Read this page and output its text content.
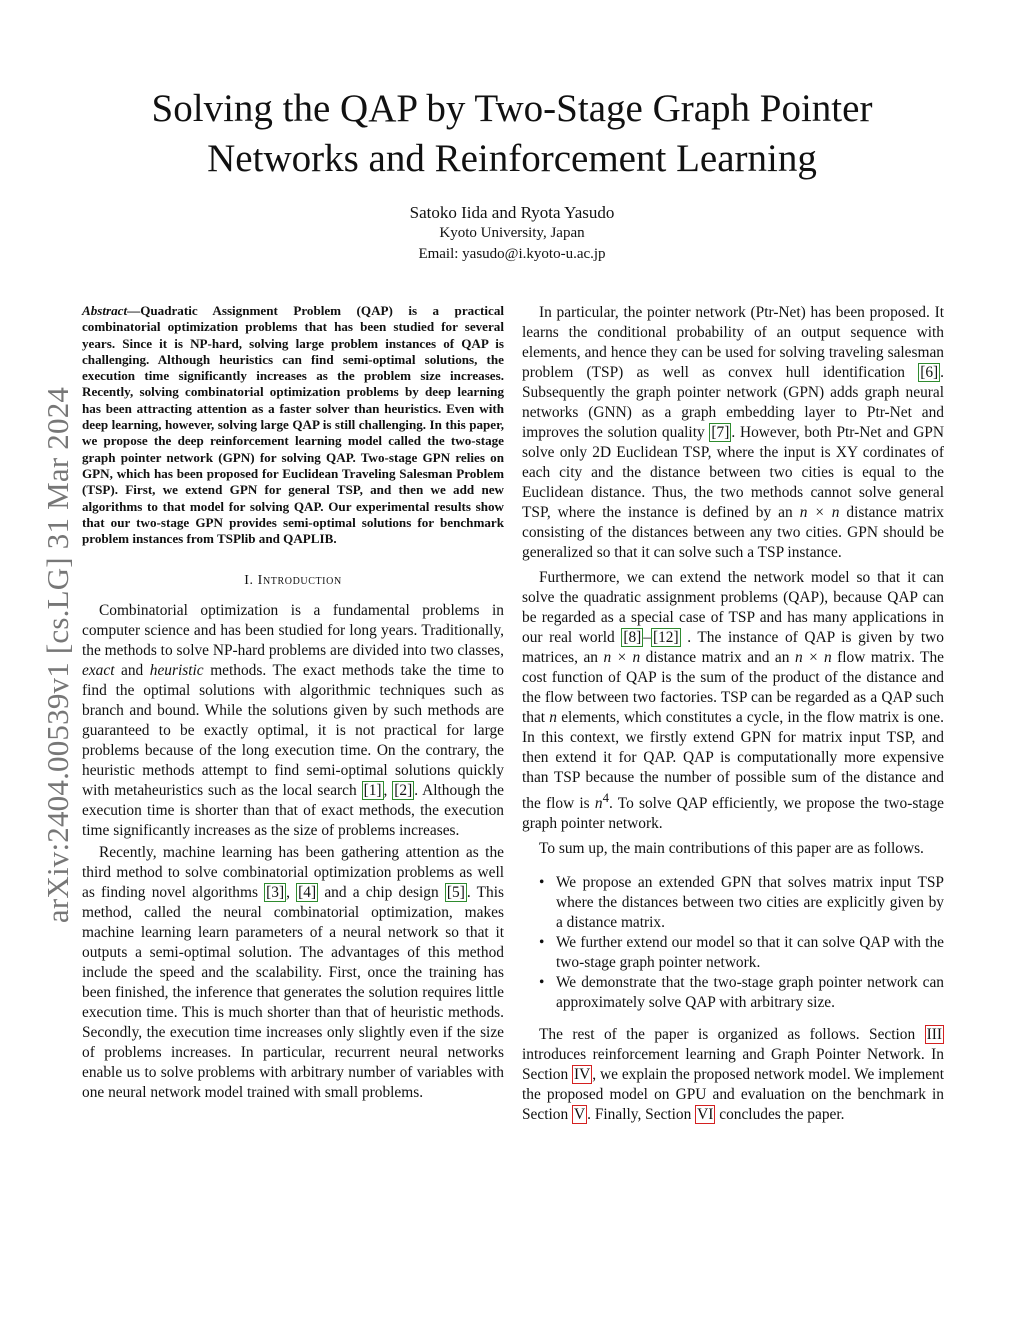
arXiv:2404.00539v1 [cs.LG] 31 Mar 2024
Solving the QAP by Two-Stage Graph Pointer
Networks and Reinforcement Learning
Satoko Iida and Ryota Yasudo
Kyoto University, Japan
Email: yasudo@i.kyoto-u.ac.jp

Abstract—Quadratic Assignment Problem (QAP) is a practical combinatorial optimization problems that has been studied for several years. Since it is NP-hard, solving large problem instances of QAP is challenging. Although heuristics can find semi-optimal solutions, the execution time significantly increases as the problem size increases. Recently, solving combinatorial optimization problems by deep learning has been attracting attention as a faster solver than heuristics. Even with deep learning, however, solving large QAP is still challenging. In this paper, we propose the deep reinforcement learning model called the two-stage graph pointer network (GPN) for solving QAP. Two-stage GPN relies on GPN, which has been proposed for Euclidean Traveling Salesman Problem (TSP). First, we extend GPN for general TSP, and then we add new algorithms to that model for solving QAP. Our experimental results show that our two-stage GPN provides semi-optimal solutions for benchmark problem instances from TSPlib and QAPLIB.

I. Introduction

Combinatorial optimization is a fundamental problems in computer science and has been studied for long years. Traditionally, the methods to solve NP-hard problems are divided into two classes, exact and heuristic methods. The exact methods take the time to find the optimal solutions with algorithmic techniques such as branch and bound. While the solutions given by such methods are guaranteed to be exactly optimal, it is not practical for large problems because of the long execution time. On the contrary, the heuristic methods attempt to find semi-optimal solutions quickly with metaheuristics such as the local search [1] , [2] . Although the execution time is shorter than that of exact methods, the execution time significantly increases as the size of problems increases.

Recently, machine learning has been gathering attention as the third method to solve combinatorial optimization problems as well as finding novel algorithms [3] , [4] and a chip design [5] . This method, called the neural combinatorial optimization, makes machine learning learn parameters of a neural network so that it outputs a semi-optimal solution. The advantages of this method include the speed and the scalability. First, once the training has been finished, the inference that generates the solution requires little execution time. This is much shorter than that of heuristic methods. Secondly, the execution time increases only slightly even if the size of problems increases. In particular, recurrent neural networks enable us to solve problems with arbitrary number of variables with one neural network model trained with small problems.

In particular, the pointer network (Ptr-Net) has been proposed. It learns the conditional probability of an output sequence with elements, and hence they can be used for solving traveling salesman problem (TSP) as well as convex hull identification [6] . Subsequently the graph pointer network (GPN) adds graph neural networks (GNN) as a graph embedding layer to Ptr-Net and improves the solution quality [7] . However, both Ptr-Net and GPN solve only 2D Euclidean TSP, where the input is XY cordinates of each city and the distance between two cities is equal to the Euclidean distance. Thus, the two methods cannot solve general TSP, where the instance is defined by an n × n distance matrix consisting of the distances between any two cities. GPN should be generalized so that it can solve such a TSP instance.

Furthermore, we can extend the network model so that it can solve the quadratic assignment problems (QAP), because QAP can be regarded as a special case of TSP and has many applications in our real world [8] – [12] . The instance of QAP is given by two matrices, an n × n distance matrix and an n × n flow matrix. The cost function of QAP is the sum of the product of the distance and the flow between two factories. TSP can be regarded as a QAP such that n elements, which constitutes a cycle, in the flow matrix is one. In this context, we firstly extend GPN for matrix input TSP, and then extend it for QAP. QAP is computationally more expensive than TSP because the number of possible sum of the distance and the flow is $n^4$. To solve QAP efficiently, we propose the two-stage graph pointer network.

To sum up, the main contributions of this paper are as follows.

• We propose an extended GPN that solves matrix input TSP where the distances between two cities are explicitly given by a distance matrix.
• We further extend our model so that it can solve QAP with the two-stage graph pointer network.
• We demonstrate that the two-stage graph pointer network can approximately solve QAP with arbitrary size.

The rest of the paper is organized as follows. Section III introduces reinforcement learning and Graph Pointer Network. In Section IV , we explain the proposed network model. We implement the proposed model on GPU and evaluation on the benchmark in Section V . Finally, Section VI concludes the paper.
